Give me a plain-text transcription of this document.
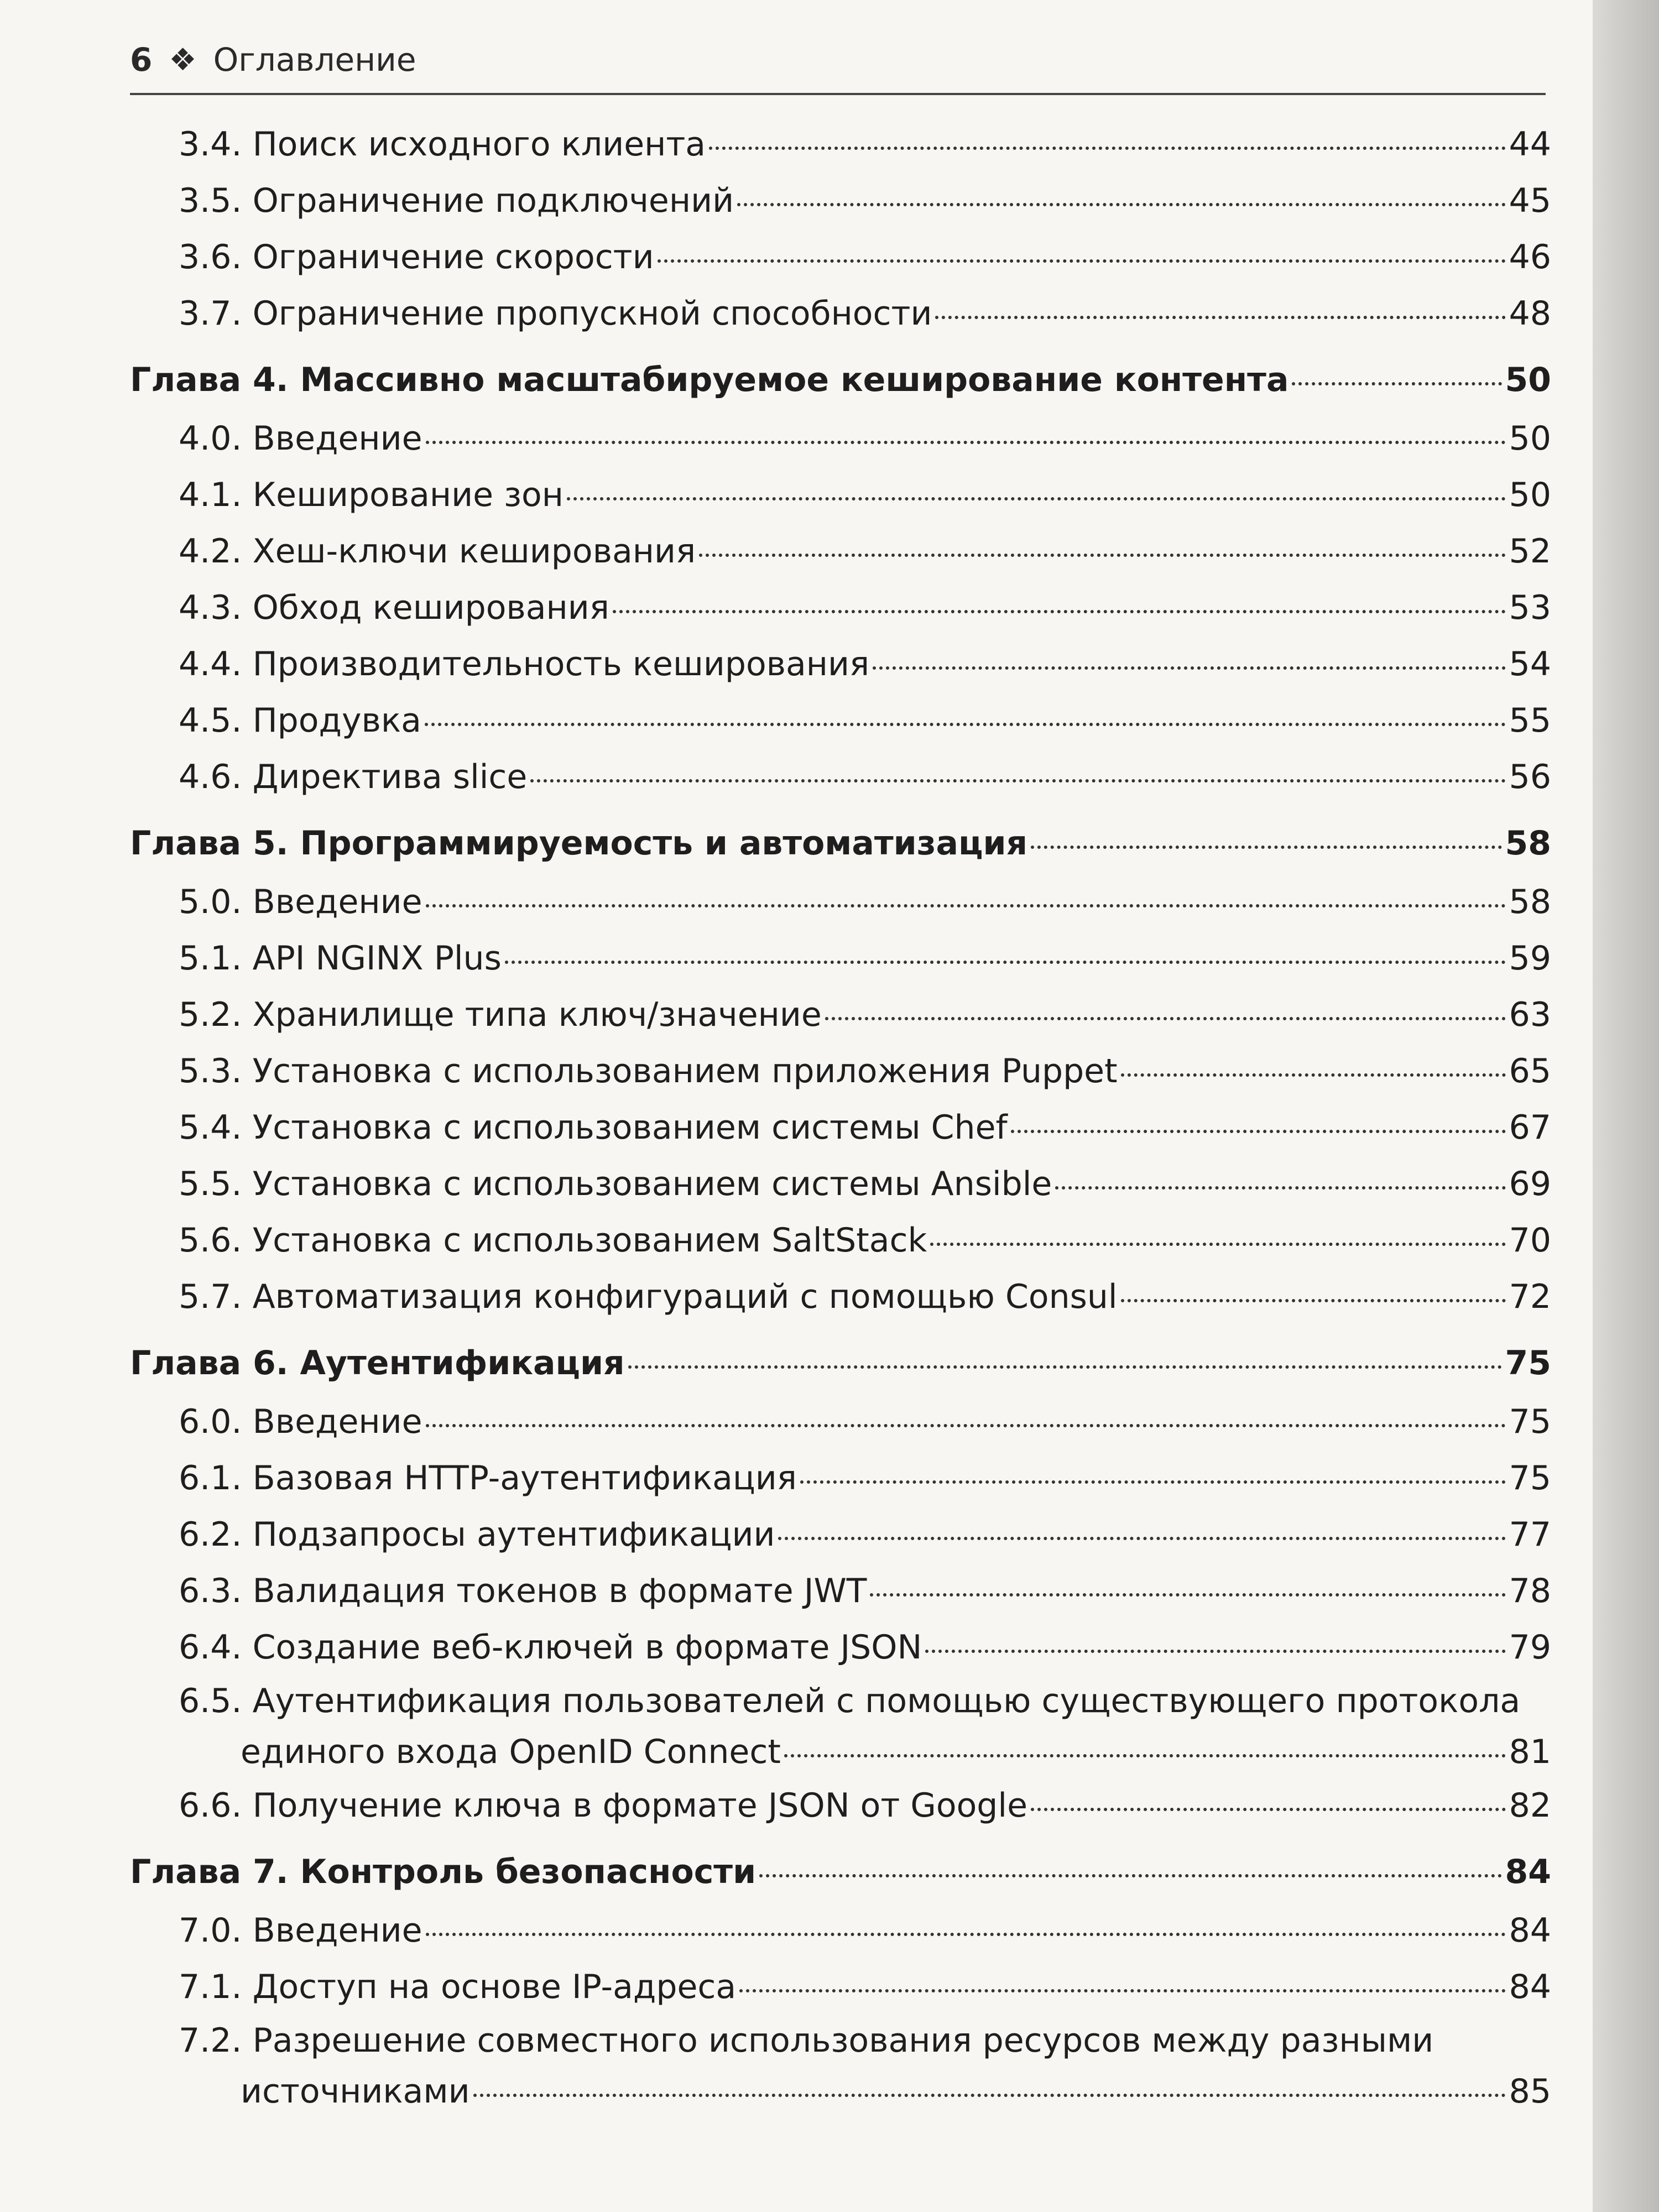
6 ❖ Оглавление
3.4. Поиск исходного клиента	44
3.5. Ограничение подключений	45
3.6. Ограничение скорости	46
3.7. Ограничение пропускной способности	48
Глава 4. Массивно масштабируемое кеширование контента	50
4.0. Введение	50
4.1. Кеширование зон	50
4.2. Хеш-ключи кеширования	52
4.3. Обход кеширования	53
4.4. Производительность кеширования	54
4.5. Продувка	55
4.6. Директива slice	56
Глава 5. Программируемость и автоматизация	58
5.0. Введение	58
5.1. API NGINX Plus	59
5.2. Хранилище типа ключ/значение	63
5.3. Установка с использованием приложения Puppet	65
5.4. Установка с использованием системы Chef	67
5.5. Установка с использованием системы Ansible	69
5.6. Установка с использованием SaltStack	70
5.7. Автоматизация конфигураций с помощью Consul	72
Глава 6. Аутентификация	75
6.0. Введение	75
6.1. Базовая HTTP-аутентификация	75
6.2. Подзапросы аутентификации	77
6.3. Валидация токенов в формате JWT	78
6.4. Создание веб-ключей в формате JSON	79
6.5. Аутентификация пользователей с помощью существующего протокола
единого входа OpenID Connect	81
6.6. Получение ключа в формате JSON от Google	82
Глава 7. Контроль безопасности	84
7.0. Введение	84
7.1. Доступ на основе IP-адреса	84
7.2. Разрешение совместного использования ресурсов между разными
источниками	85
